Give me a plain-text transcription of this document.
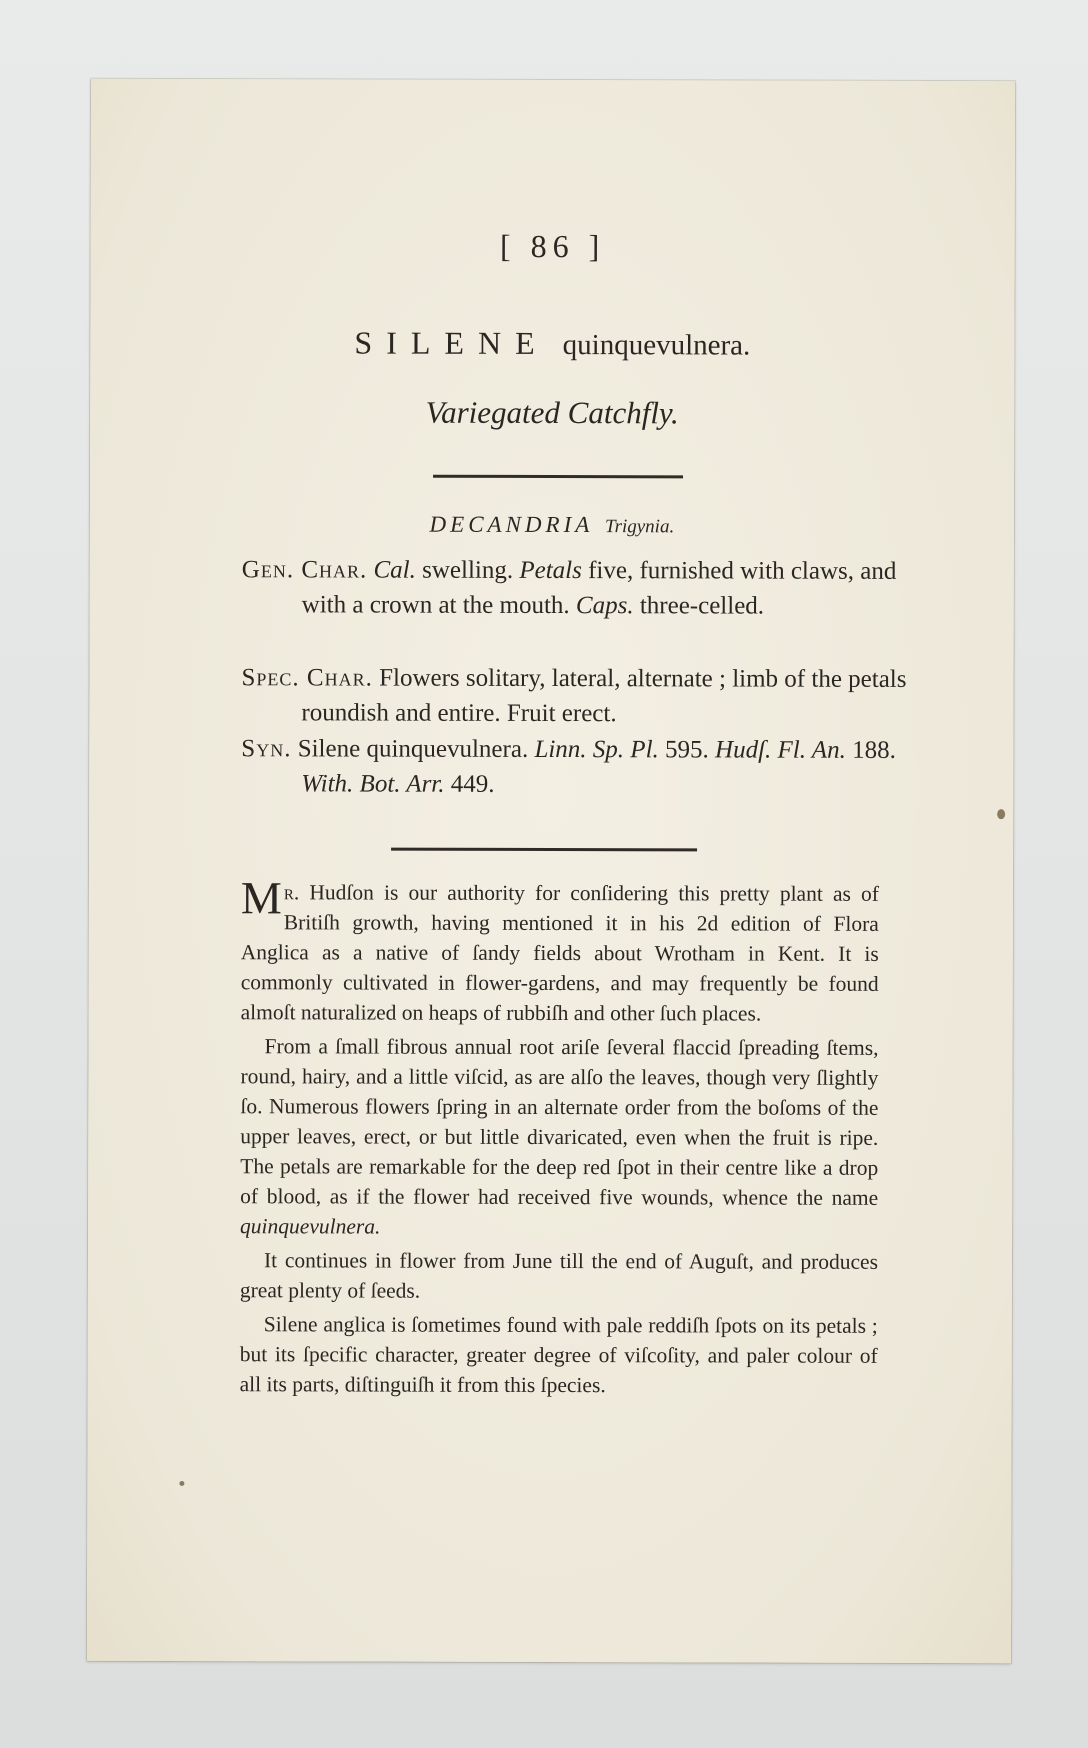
[ 86 ]
SILENE quinquevulnera.
Variegated Catchfly.
DECANDRIA Trigynia.
Gen. Char. Cal. swelling. Petals five, furnished with claws, and with a crown at the mouth. Caps. three-celled.
Spec. Char. Flowers solitary, lateral, alternate ; limb of the petals roundish and entire. Fruit erect.
Syn. Silene quinquevulnera. Linn. Sp. Pl. 595. Hudſ. Fl. An. 188. With. Bot. Arr. 449.

Mr. Hudſon is our authority for conſidering this pretty plant as of Britiſh growth, having mentioned it in his 2d edition of Flora Anglica as a native of ſandy fields about Wrotham in Kent. It is commonly cultivated in flower-gardens, and may frequently be found almoſt naturalized on heaps of rubbiſh and other ſuch places.

From a ſmall fibrous annual root ariſe ſeveral flaccid ſpreading ſtems, round, hairy, and a little viſcid, as are alſo the leaves, though very ſlightly ſo. Numerous flowers ſpring in an alternate order from the boſoms of the upper leaves, erect, or but little divaricated, even when the fruit is ripe. The petals are remarkable for the deep red ſpot in their centre like a drop of blood, as if the flower had received five wounds, whence the name quinquevulnera.

It continues in flower from June till the end of Auguſt, and produces great plenty of ſeeds.

Silene anglica is ſometimes found with pale reddiſh ſpots on its petals ; but its ſpecific character, greater degree of viſcoſity, and paler colour of all its parts, diſtinguiſh it from this ſpecies.
